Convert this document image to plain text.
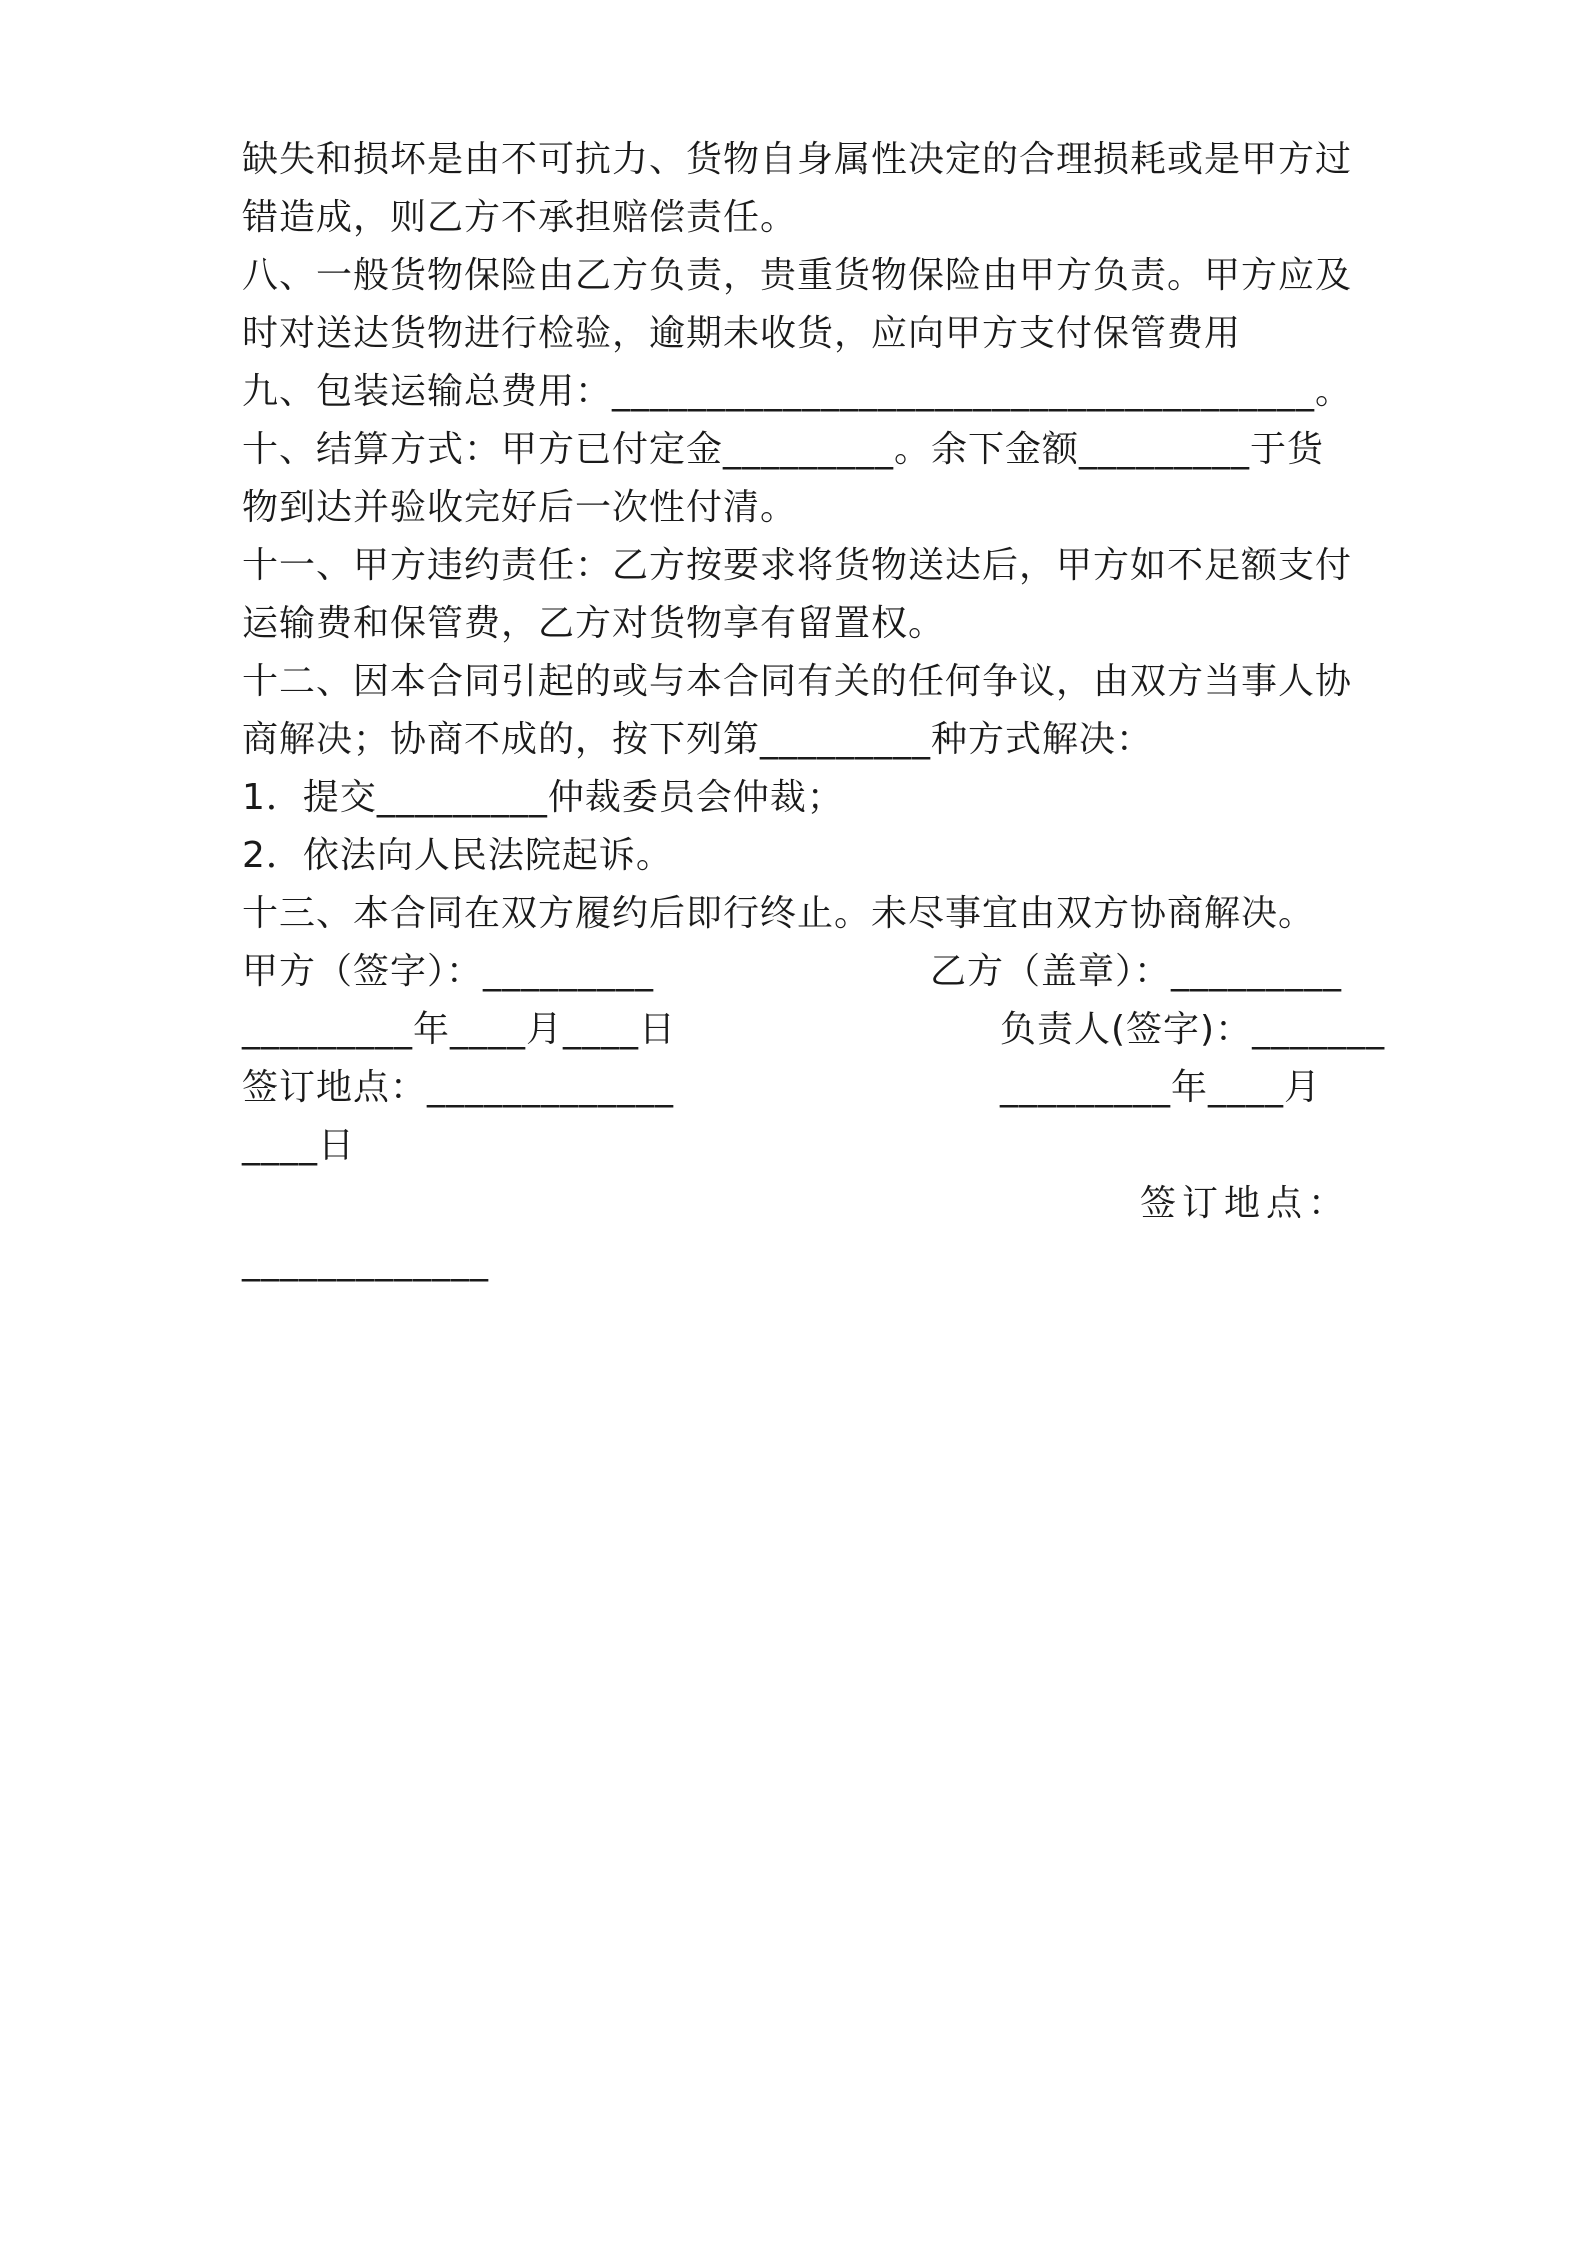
缺失和损坏是由不可抗力、货物自身属性决定的合理损耗或是甲方过
错造成，则乙方不承担赔偿责任。
八、一般货物保险由乙方负责，贵重货物保险由甲方负责。甲方应及
时对送达货物进行检验，逾期未收货，应向甲方支付保管费用
九、包装运输总费用：_____________________________________。
十、结算方式：甲方已付定金_________。余下金额_________于货
物到达并验收完好后一次性付清。
十一、甲方违约责任：乙方按要求将货物送达后，甲方如不足额支付
运输费和保管费，乙方对货物享有留置权。
十二、因本合同引起的或与本合同有关的任何争议，由双方当事人协
商解决；协商不成的，按下列第_________种方式解决：
1．提交_________仲裁委员会仲裁；
2．依法向人民法院起诉。
十三、本合同在双方履约后即行终止。未尽事宜由双方协商解决。
甲方（签字）：_________	乙方（盖章）：_________
_________年____月____日	负责人(签字)：_______
签订地点：_____________	_________年____月
____日
签订地点：
_____________
